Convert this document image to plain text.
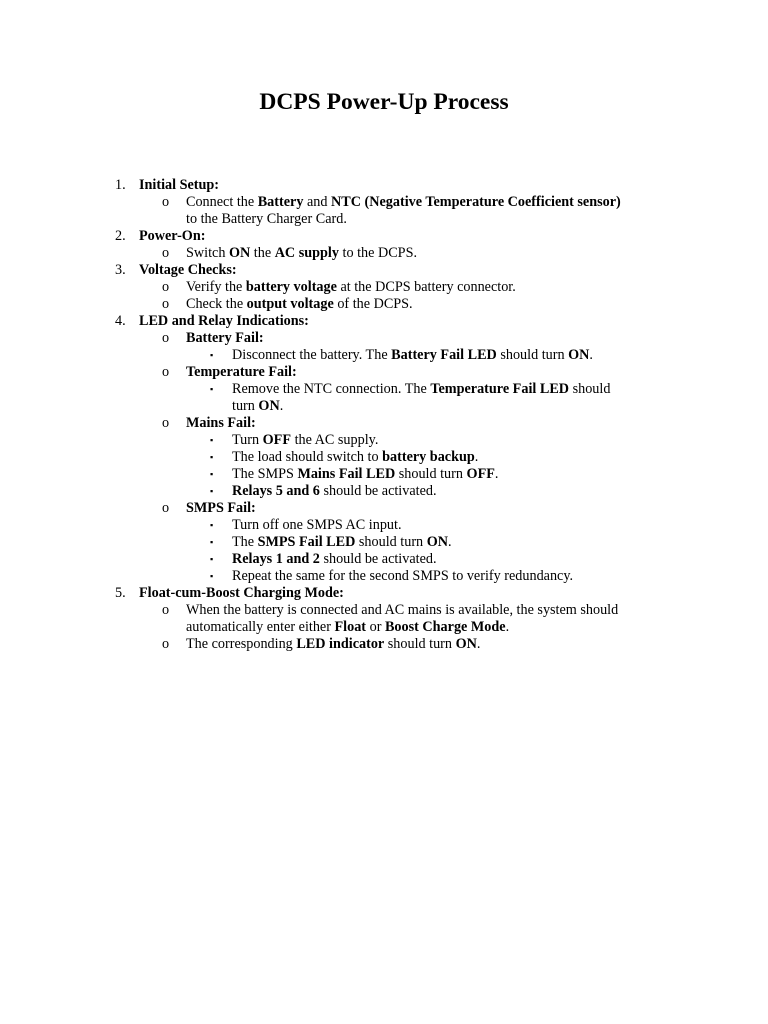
DCPS Power-Up Process
1. Initial Setup:
o Connect the Battery and NTC (Negative Temperature Coefficient sensor)
to the Battery Charger Card.
2. Power-On:
o Switch ON the AC supply to the DCPS.
3. Voltage Checks:
o Verify the battery voltage at the DCPS battery connector.
o Check the output voltage of the DCPS.
4. LED and Relay Indications:
o Battery Fail:
▪ Disconnect the battery. The Battery Fail LED should turn ON.
o Temperature Fail:
▪ Remove the NTC connection. The Temperature Fail LED should
turn ON.
o Mains Fail:
▪ Turn OFF the AC supply.
▪ The load should switch to battery backup.
▪ The SMPS Mains Fail LED should turn OFF.
▪ Relays 5 and 6 should be activated.
o SMPS Fail:
▪ Turn off one SMPS AC input.
▪ The SMPS Fail LED should turn ON.
▪ Relays 1 and 2 should be activated.
▪ Repeat the same for the second SMPS to verify redundancy.
5. Float-cum-Boost Charging Mode:
o When the battery is connected and AC mains is available, the system should
automatically enter either Float or Boost Charge Mode.
o The corresponding LED indicator should turn ON.
